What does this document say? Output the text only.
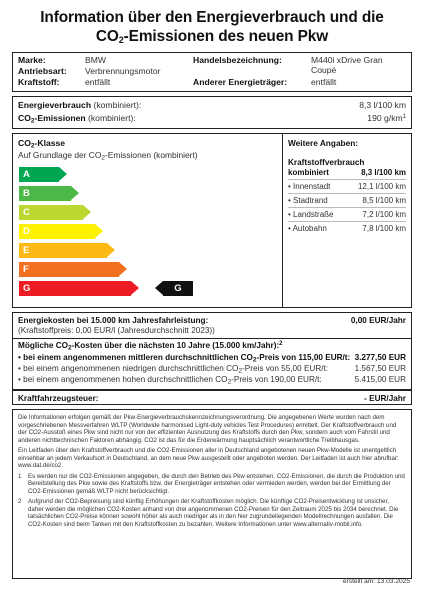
Information über den Energieverbrauch und die
$CO_2$-Emissionen des neuen Pkw
Marke:	BMW
Antriebsart: Verbrennungsmotor
Kraftstoff:	entfällt
Handelsbezeichnung:	M440i xDrive Gran
Coupé
Anderer Energieträger:	entfällt
Energieverbrauch (kombiniert):	8,3 l/100 km
$CO_2$-Emissionen (kombiniert):	190 $g/km^1$
$CO_2$-Klasse
Auf Grundlage der $CO_2$-Emissionen (kombiniert)
A
B
C
D
E
F
G	G
Weitere Angaben:
Kraftstoffverbrauch
kombiniert	8,3 l/100 km
• Innenstadt	12,1 l/100 km
• Stadtrand	8,5 l/100 km
• Landstraße	7,2 l/100 km
• Autobahn	7,8 l/100 km
Energiekosten bei 15.000 km Jahresfahrleistung:	0,00 EUR/Jahr
(Kraftstoffpreis: 0,00 EUR/l (Jahresdurchschnitt 2023))
Mögliche $CO_2$-Kosten über die nächsten 10 Jahre (15.000 km/Jahr):$^2$
• bei einem angenommenen mittleren durchschnittlichen $CO_2$-Preis von 115,00 EUR/t: 3.277,50 EUR
• bei einem angenommenen niedrigen durchschnittlichen $CO_2$-Preis von 55,00 EUR/t:	1.567,50 EUR
• bei einem angenommenen hohen durchschnittlichen $CO_2$-Preis von 190,00 EUR/t:	5.415,00 EUR
Kraftfahrzeugsteuer:	- EUR/Jahr

Die Informationen erfolgen gemäß der Pkw-Energieverbrauchskennzeichnungsverordnung. Die angegebenen Werte wurden nach dem vorgeschriebenen Messverfahren WLTP (Worldwide harmonised Light-duty vehicles Test Procedures) ermittelt. Der Kraftstoffverbrauch und der CO2-Ausstoß eines Pkw sind nicht nur von der effizienten Ausnutzung des Kraftstoffs durch den Pkw, sondern auch vom Fahrstil und anderen nichttechnischen Faktoren abhängig. CO2 ist das für die Erderwärmung hauptsächlich verantwortliche Treibhausgas.

Ein Leitfaden über den Kraftstoffverbrauch und die CO2-Emissionen aller in Deutschland angebotenen neuen Pkw-Modelle ist unentgeltlich einsehbar an jedem Verkaufsort in Deutschland, an dem neue Pkw ausgestellt oder angeboten werden. Der Leitfaden ist auch hier abrufbar: www.dat.de/co2.

1	Es werden nur die CO2-Emissionen angegeben, die durch den Betrieb des Pkw entstehen. CO2-Emissionen, die durch die Produktion und Bereitstellung des Pkw sowie des Kraftstoffs bzw. der Energieträger entstehen oder vermieden werden, werden bei der Ermittlung der CO2-Emissionen gemäß WLTP nicht berücksichtigt.
2	Aufgrund der CO2-Bepreisung sind künftig Erhöhungen der Kraftstoffkosten möglich. Die künftige CO2-Preisentwicklung ist unsicher, daher werden die möglichen CO2-Kosten anhand von drei angenommenen CO2-Preisen für den Zeitraum 2025 bis 2034 berechnet. Die tatsächlichen CO2-Preise können sowohl höher als auch niedriger als in den hier zugrundeliegenden Modellrechnungen ausfallen. Die CO2-Kosten sind beim Tanken mit den Kraftstoffkosten zu bezahlen. Weitere Informationen unter www.alternativ-mobil.info.
erstellt am: 13.03.2025
